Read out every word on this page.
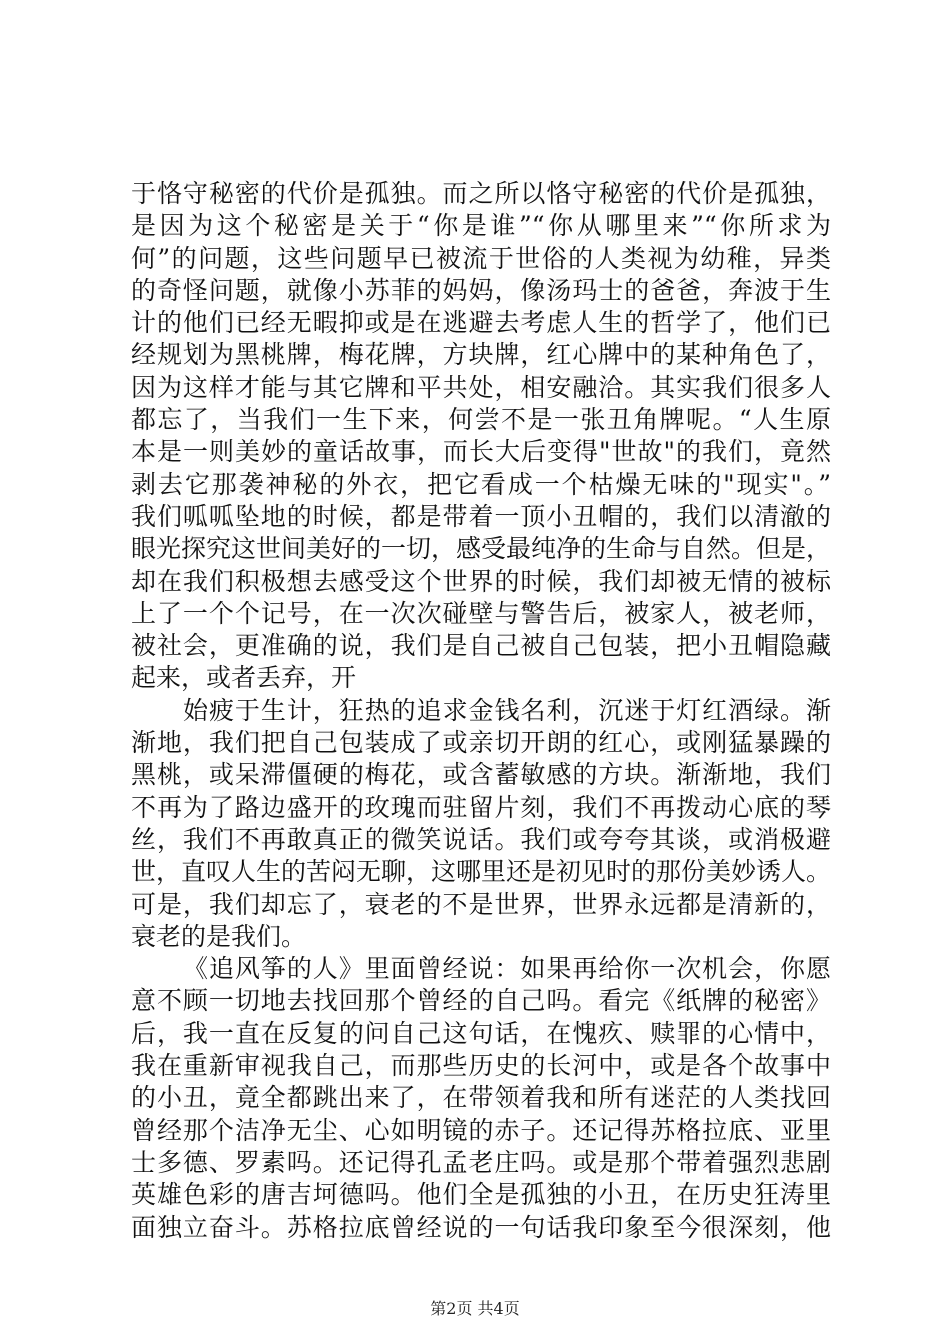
于恪守秘密的代价是孤独。而之所以恪守秘密的代价是孤独，
是因为这个秘密是关于“你是谁”“你从哪里来”“你所求为
何”的问题，这些问题早已被流于世俗的人类视为幼稚，异类
的奇怪问题，就像小苏菲的妈妈，像汤玛士的爸爸，奔波于生
计的他们已经无暇抑或是在逃避去考虑人生的哲学了，他们已
经规划为黑桃牌，梅花牌，方块牌，红心牌中的某种角色了，
因为这样才能与其它牌和平共处，相安融洽。其实我们很多人
都忘了，当我们一生下来，何尝不是一张丑角牌呢。“人生原
本是一则美妙的童话故事，而长大后变得"世故"的我们，竟然
剥去它那袭神秘的外衣，把它看成一个枯燥无味的"现实"。”
我们呱呱坠地的时候，都是带着一顶小丑帽的，我们以清澈的
眼光探究这世间美好的一切，感受最纯净的生命与自然。但是，
却在我们积极想去感受这个世界的时候，我们却被无情的被标
上了一个个记号，在一次次碰壁与警告后，被家人，被老师，
被社会，更准确的说，我们是自己被自己包装，把小丑帽隐藏
起来，或者丢弃，开
始疲于生计，狂热的追求金钱名利，沉迷于灯红酒绿。渐
渐地，我们把自己包装成了或亲切开朗的红心，或刚猛暴躁的
黑桃，或呆滞僵硬的梅花，或含蓄敏感的方块。渐渐地，我们
不再为了路边盛开的玫瑰而驻留片刻，我们不再拨动心底的琴
丝，我们不再敢真正的微笑说话。我们或夸夸其谈，或消极避
世，直叹人生的苦闷无聊，这哪里还是初见时的那份美妙诱人。
可是，我们却忘了，衰老的不是世界，世界永远都是清新的，
衰老的是我们。
《追风筝的人》里面曾经说：如果再给你一次机会，你愿
意不顾一切地去找回那个曾经的自己吗。看完《纸牌的秘密》
后，我一直在反复的问自己这句话，在愧疚、赎罪的心情中，
我在重新审视我自己，而那些历史的长河中，或是各个故事中
的小丑，竟全都跳出来了，在带领着我和所有迷茫的人类找回
曾经那个洁净无尘、心如明镜的赤子。还记得苏格拉底、亚里
士多德、罗素吗。还记得孔孟老庄吗。或是那个带着强烈悲剧
英雄色彩的唐吉坷德吗。他们全是孤独的小丑，在历史狂涛里
面独立奋斗。苏格拉底曾经说的一句话我印象至今很深刻，他
第2页 共4页
